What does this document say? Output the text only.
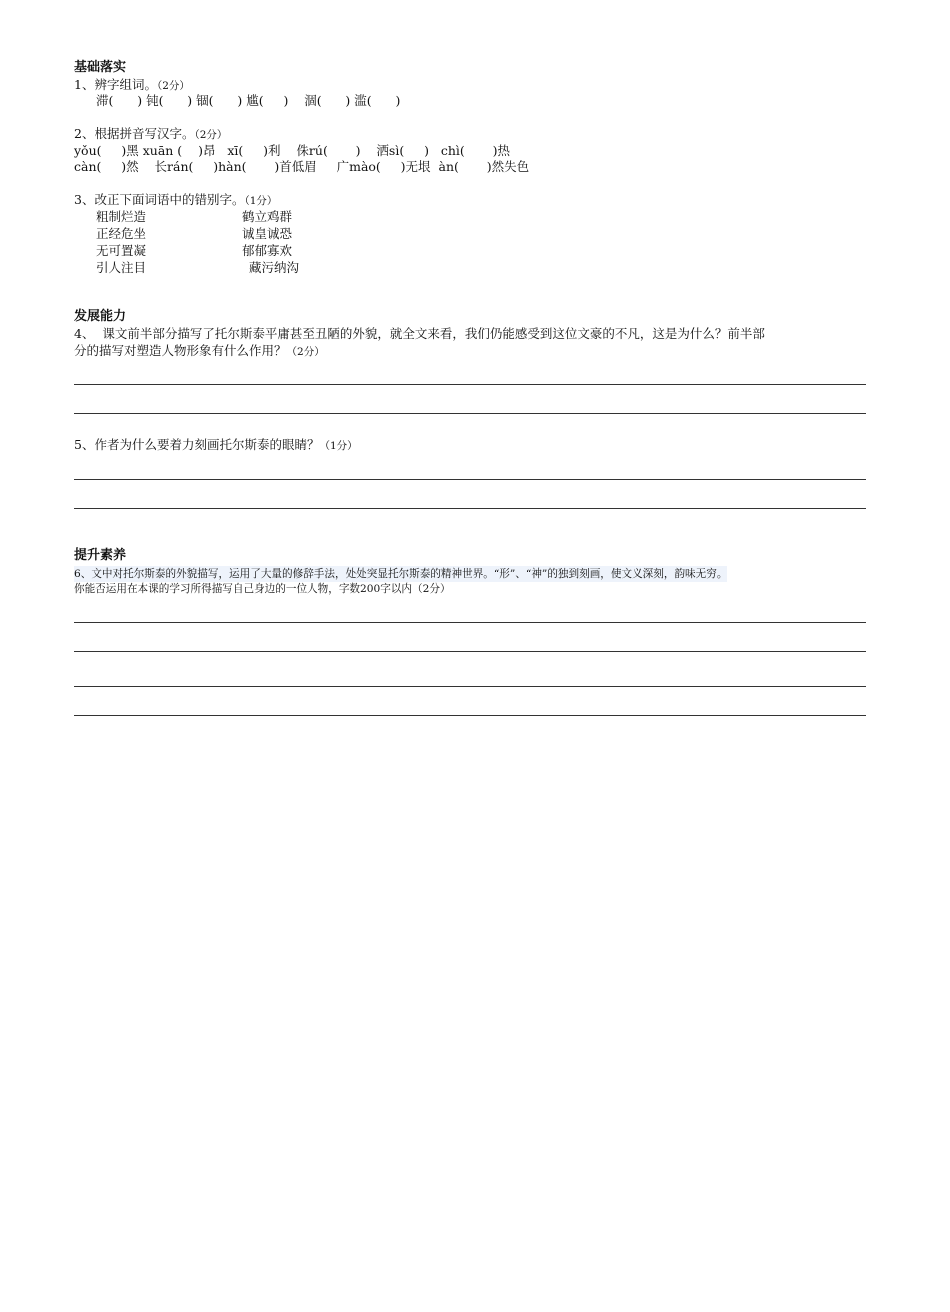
基础落实
1、辨字组词。（2分）
滞(      ) 钝(      ) 锢(      ) 尴(     )    涸(      ) 滥(      )
2、根据拼音写汉字。（2分）
yǒu(     )黑 xuān (    )昂   xī(     )利    侏rú(       )    洒sì(     )   chì(       )热
càn(     )然    长rán(     )hàn(       )首低眉     广mào(     )无垠  àn(       )然失色
3、改正下面词语中的错别字。（1分）
粗制烂造
正经危坐
无可置凝
引人注目
鹤立鸡群
诚皇诚恐
郁郁寡欢
藏污纳沟
发展能力
4、  课文前半部分描写了托尔斯泰平庸甚至丑陋的外貌，就全文来看，我们仍能感受到这位文豪的不凡，这是为什么？前半部
分的描写对塑造人物形象有什么作用？（2分）
5、作者为什么要着力刻画托尔斯泰的眼睛？（1分）
提升素养
6、文中对托尔斯泰的外貌描写，运用了大量的修辞手法，处处突显托尔斯泰的精神世界。“形”、“神”的独到刻画，使文义深刻，韵味无穷。
你能否运用在本课的学习所得描写自己身边的一位人物，字数200字以内（2分）
